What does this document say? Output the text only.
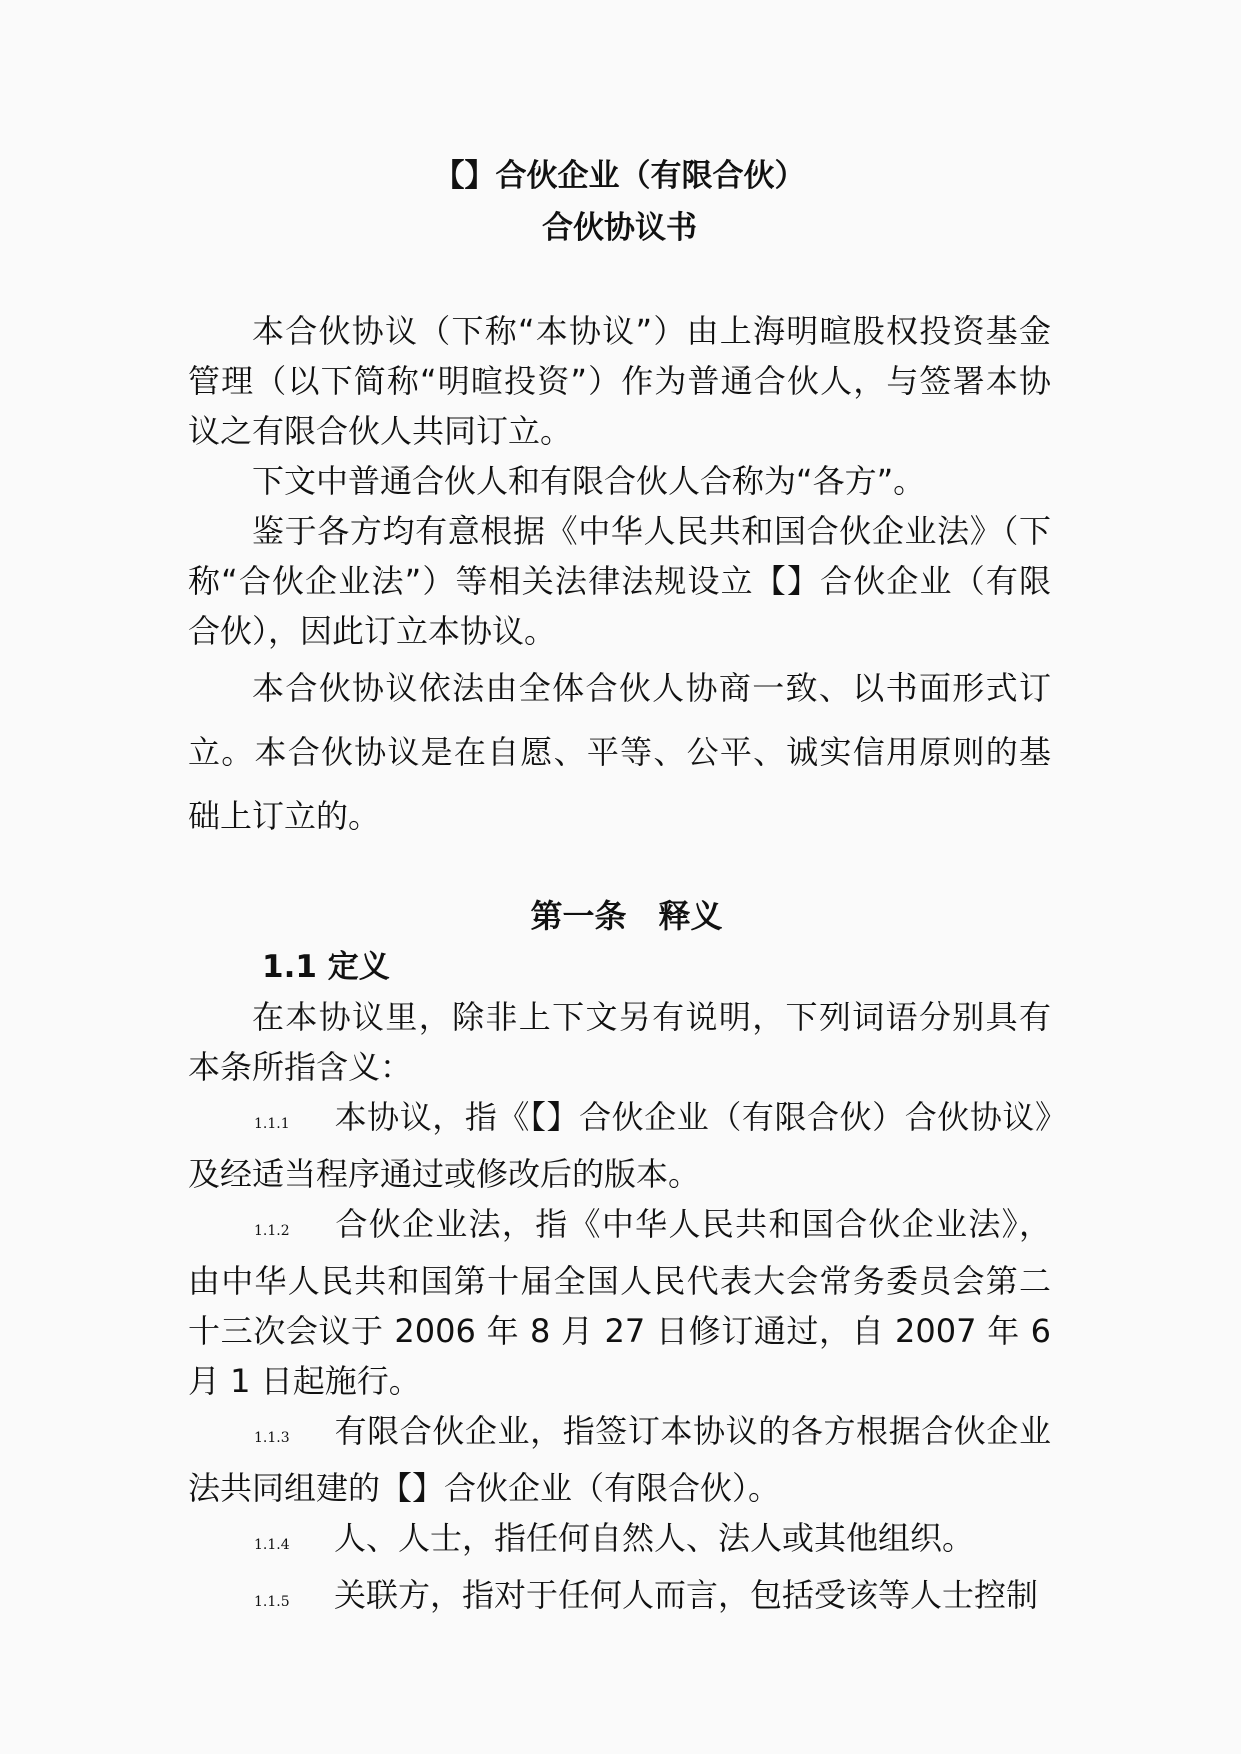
【】合伙企业（有限合伙）

合伙协议书

本合伙协议（下称“本协议”）由上海明暄股权投资基金管理（以下简称“明暄投资”）作为普通合伙人，与签署本协议之有限合伙人共同订立。

下文中普通合伙人和有限合伙人合称为“各方”。

鉴于各方均有意根据《中华人民共和国合伙企业法》（下称“合伙企业法”）等相关法律法规设立【】合伙企业（有限合伙），因此订立本协议。

本合伙协议依法由全体合伙人协商一致、以书面形式订立。本合伙协议是在自愿、平等、公平、诚实信用原则的基础上订立的。

第一条　释义

1.1 定义

在本协议里，除非上下文另有说明，下列词语分别具有本条所指含义：

1.1.1 本协议，指《【】合伙企业（有限合伙）合伙协议》及经适当程序通过或修改后的版本。

1.1.2 合伙企业法，指《中华人民共和国合伙企业法》，由中华人民共和国第十届全国人民代表大会常务委员会第二十三次会议于 2006 年 8 月 27 日修订通过，自 2007 年 6 月 1 日起施行。

1.1.3 有限合伙企业，指签订本协议的各方根据合伙企业法共同组建的【】合伙企业（有限合伙）。

1.1.4 人、人士，指任何自然人、法人或其他组织。

1.1.5 关联方，指对于任何人而言，包括受该等人士控制
